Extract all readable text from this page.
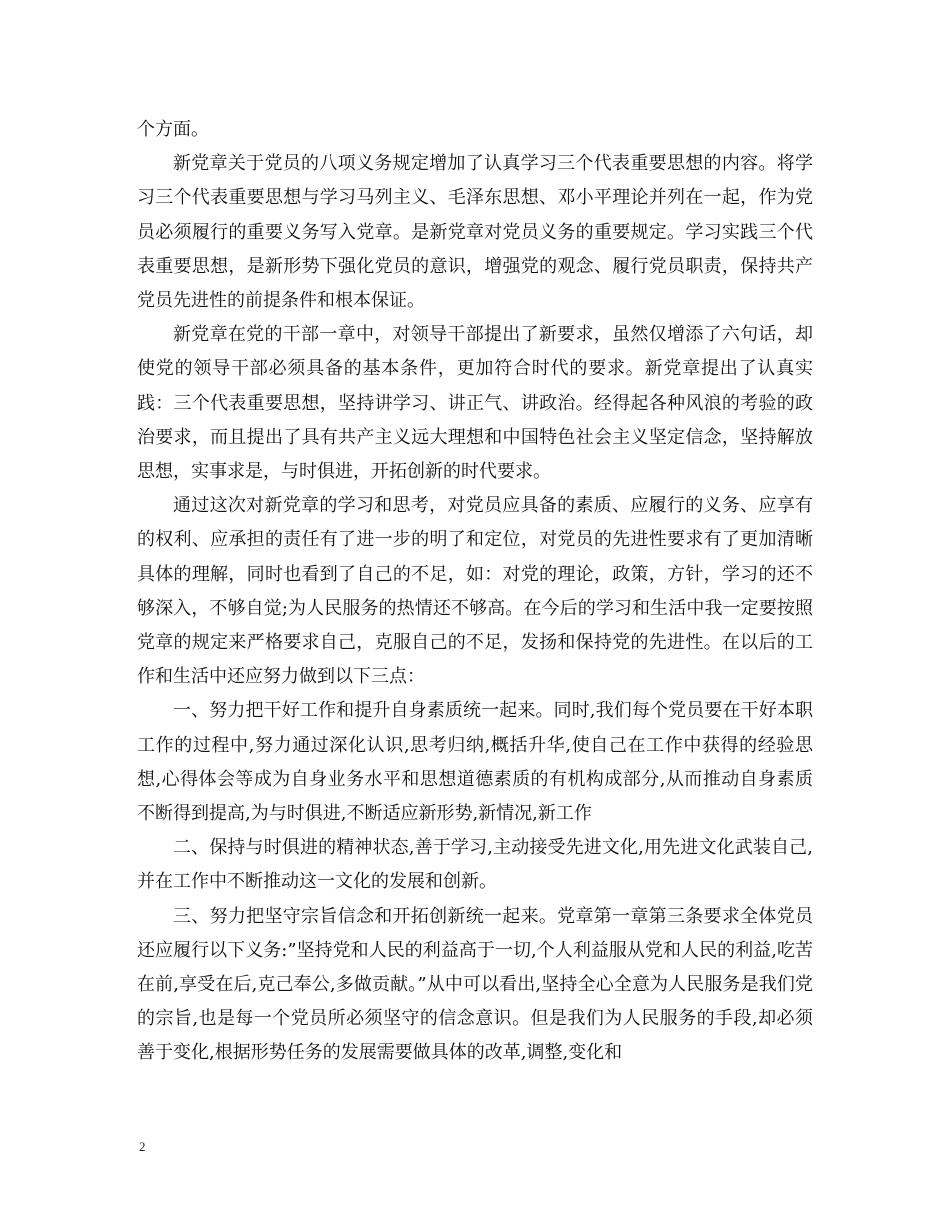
个方面。

新党章关于党员的八项义务规定增加了认真学习三个代表重要思想的内容。将学习三个代表重要思想与学习马列主义、毛泽东思想、邓小平理论并列在一起，作为党员必须履行的重要义务写入党章。是新党章对党员义务的重要规定。学习实践三个代表重要思想，是新形势下强化党员的意识，增强党的观念、履行党员职责，保持共产党员先进性的前提条件和根本保证。

新党章在党的干部一章中，对领导干部提出了新要求，虽然仅增添了六句话，却使党的领导干部必须具备的基本条件，更加符合时代的要求。新党章提出了认真实践：三个代表重要思想，坚持讲学习、讲正气、讲政治。经得起各种风浪的考验的政治要求，而且提出了具有共产主义远大理想和中国特色社会主义坚定信念，坚持解放思想，实事求是，与时俱进，开拓创新的时代要求。

通过这次对新党章的学习和思考，对党员应具备的素质、应履行的义务、应享有的权利、应承担的责任有了进一步的明了和定位，对党员的先进性要求有了更加清晰具体的理解，同时也看到了自己的不足，如：对党的理论，政策，方针，学习的还不够深入，不够自觉;为人民服务的热情还不够高。在今后的学习和生活中我一定要按照党章的规定来严格要求自己，克服自己的不足，发扬和保持党的先进性。在以后的工作和生活中还应努力做到以下三点：

一、努力把干好工作和提升自身素质统一起来。同时,我们每个党员要在干好本职工作的过程中,努力通过深化认识,思考归纳,概括升华,使自己在工作中获得的经验思想,心得体会等成为自身业务水平和思想道德素质的有机构成部分,从而推动自身素质不断得到提高,为与时俱进,不断适应新形势,新情况,新工作

二、保持与时俱进的精神状态,善于学习,主动接受先进文化,用先进文化武装自己,并在工作中不断推动这一文化的发展和创新。

三、努力把坚守宗旨信念和开拓创新统一起来。党章第一章第三条要求全体党员还应履行以下义务:”坚持党和人民的利益高于一切,个人利益服从党和人民的利益,吃苦在前,享受在后,克己奉公,多做贡献。”从中可以看出,坚持全心全意为人民服务是我们党的宗旨,也是每一个党员所必须坚守的信念意识。但是我们为人民服务的手段,却必须善于变化,根据形势任务的发展需要做具体的改革,调整,变化和

2
